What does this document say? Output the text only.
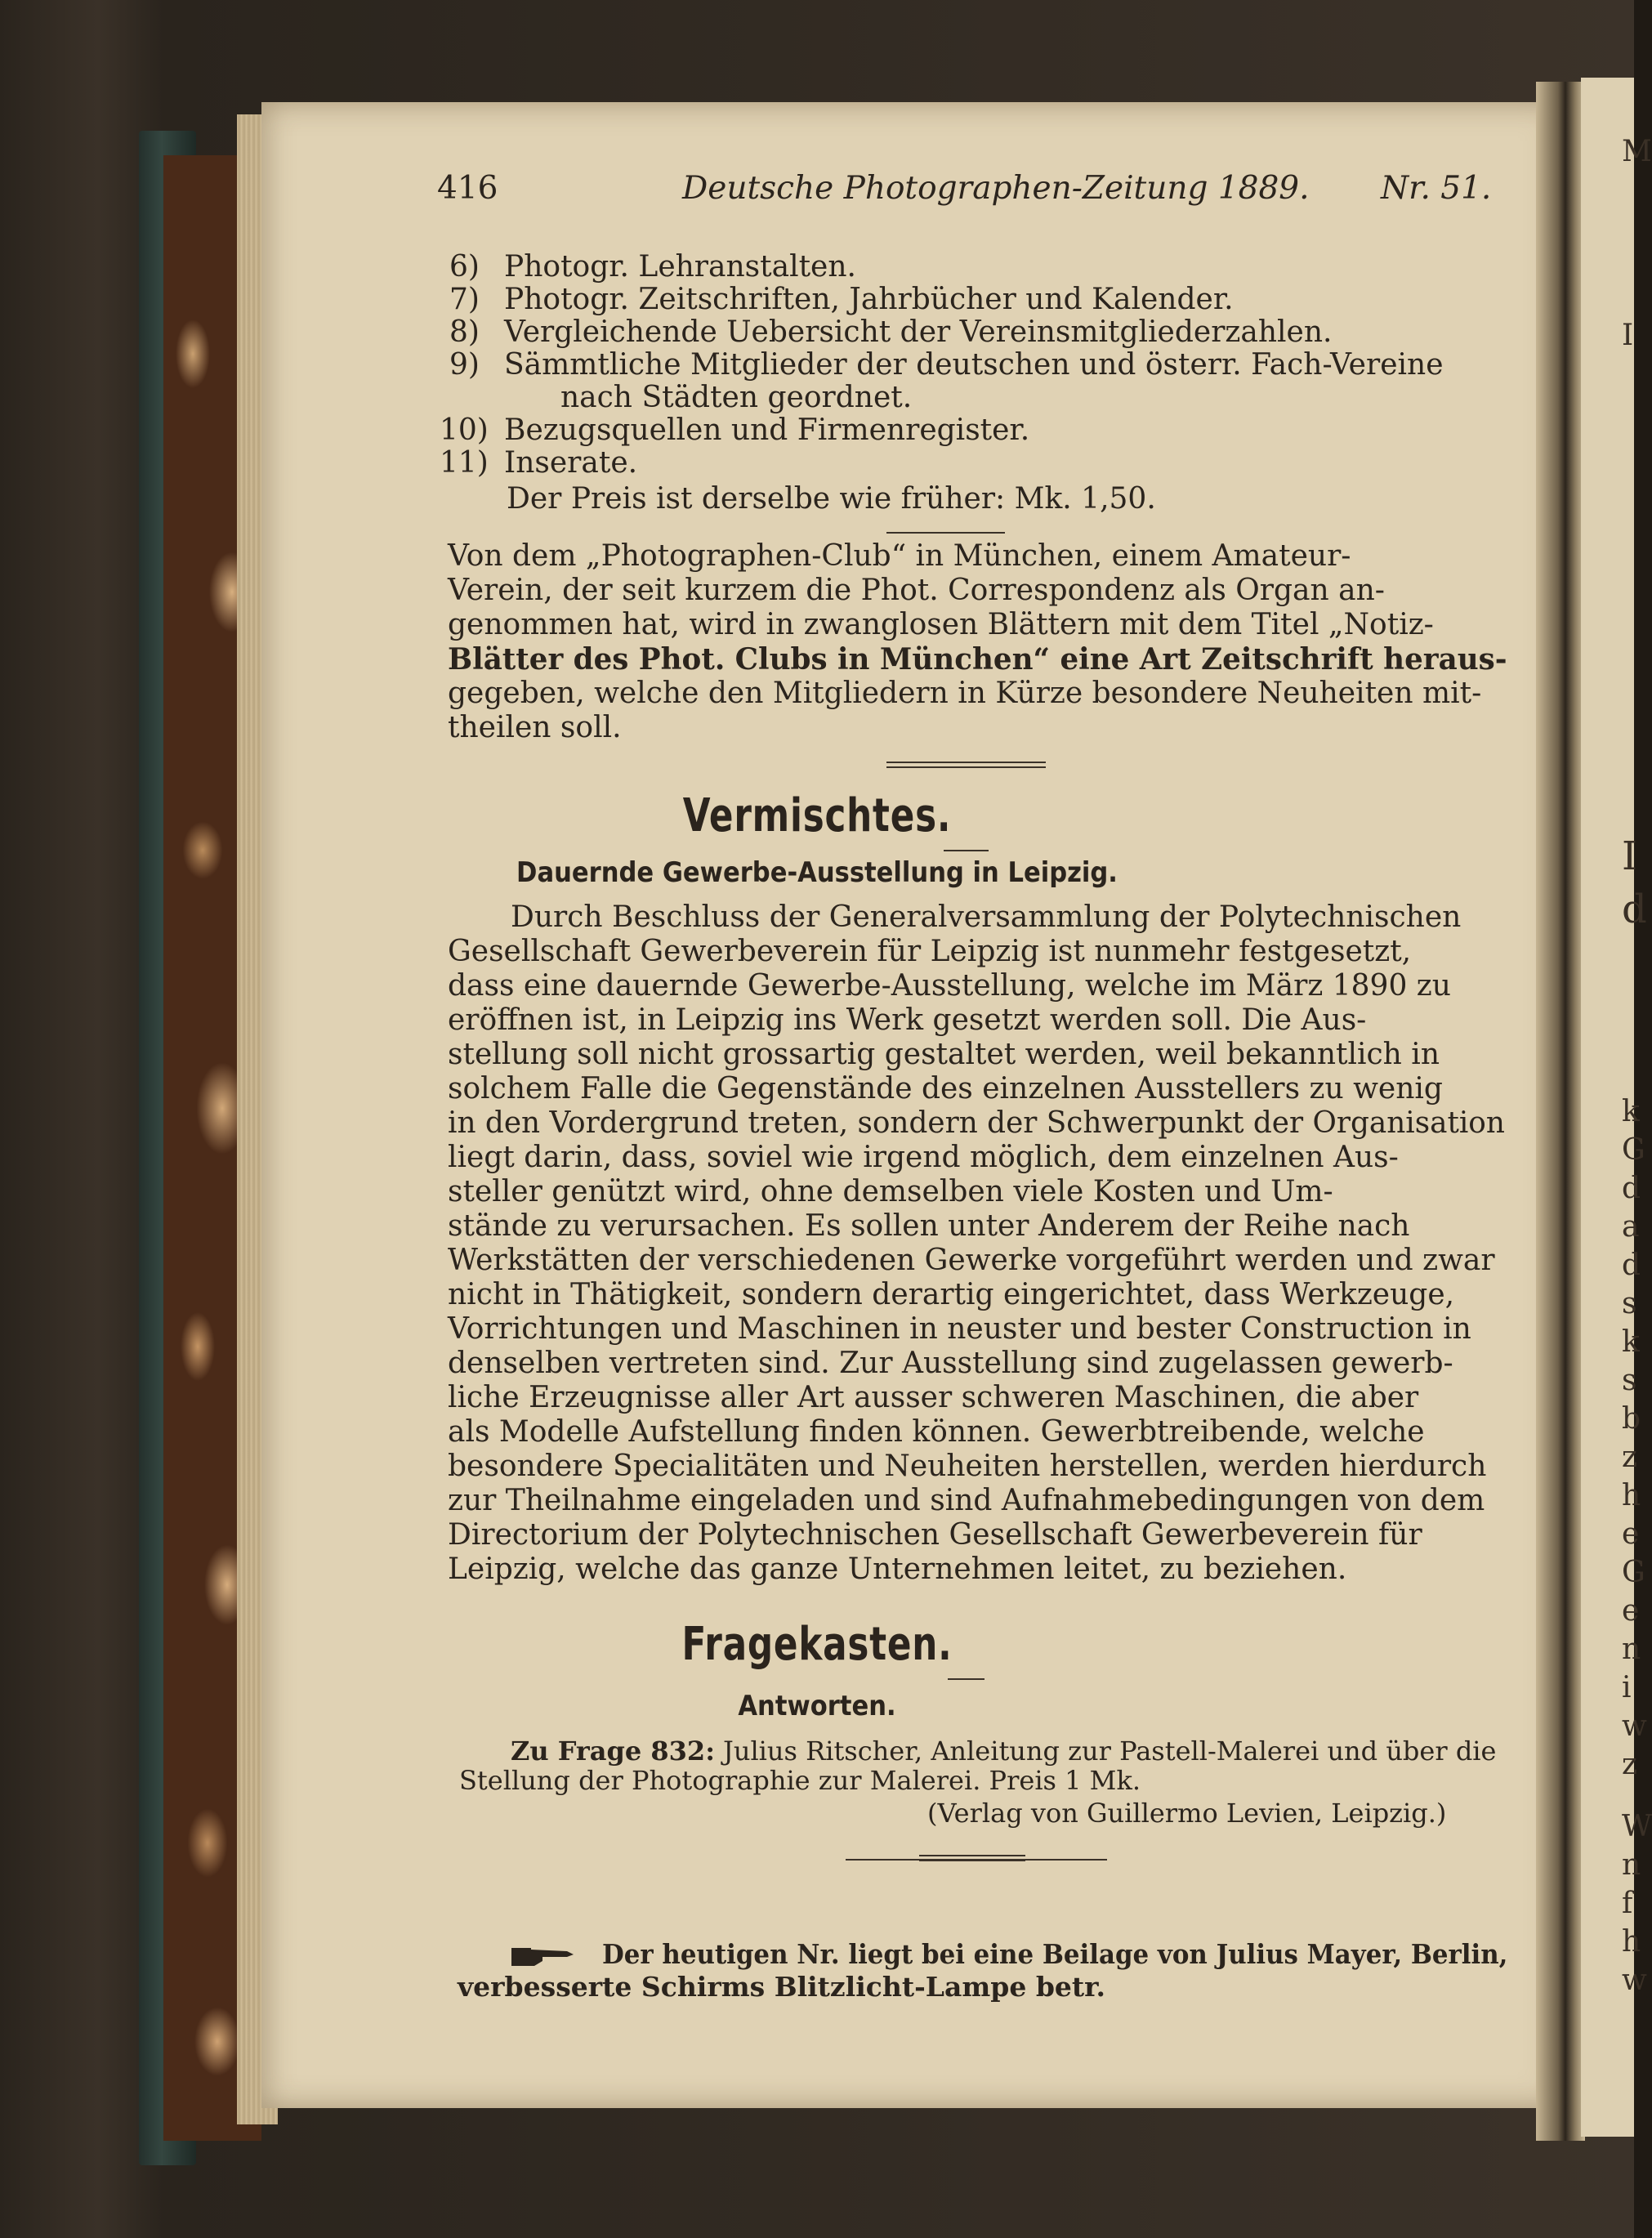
M
I
I
d
k
G
d
a
d
s
k
s
b
z
h
e
G
e
n
i
w
z
W
n
f
h
w

416	Deutsche Photographen-Zeitung 1889. Nr. 51.

6) Photogr. Lehranstalten.

7) Photogr. Zeitschriften, Jahrbücher und Kalender.

8) Vergleichende Uebersicht der Vereinsmitgliederzahlen.

9) Sämmtliche Mitglieder der deutschen und österr. Fach-Vereine

nach Städten geordnet.

10) Bezugsquellen und Firmenregister.

11) Inserate.

Der Preis ist derselbe wie früher: Mk. 1,50.

Von dem „Photographen-Club“ in München, einem Amateur-

Verein, der seit kurzem die Phot. Correspondenz als Organ an-

genommen hat, wird in zwanglosen Blättern mit dem Titel „Notiz-

Blätter des Phot. Clubs in München“ eine Art Zeitschrift heraus-

gegeben, welche den Mitgliedern in Kürze besondere Neuheiten mit-

theilen soll.

Vermischtes.

Dauernde Gewerbe-Ausstellung in Leipzig.

Durch Beschluss der Generalversammlung der Polytechnischen

Gesellschaft Gewerbeverein für Leipzig ist nunmehr festgesetzt,

dass eine dauernde Gewerbe-Ausstellung, welche im März 1890 zu

eröffnen ist, in Leipzig ins Werk gesetzt werden soll. Die Aus-

stellung soll nicht grossartig gestaltet werden, weil bekanntlich in

solchem Falle die Gegenstände des einzelnen Ausstellers zu wenig

in den Vordergrund treten, sondern der Schwerpunkt der Organisation

liegt darin, dass, soviel wie irgend möglich, dem einzelnen Aus-

steller genützt wird, ohne demselben viele Kosten und Um-

stände zu verursachen. Es sollen unter Anderem der Reihe nach

Werkstätten der verschiedenen Gewerke vorgeführt werden und zwar

nicht in Thätigkeit, sondern derartig eingerichtet, dass Werkzeuge,

Vorrichtungen und Maschinen in neuster und bester Construction in

denselben vertreten sind. Zur Ausstellung sind zugelassen gewerb-

liche Erzeugnisse aller Art ausser schweren Maschinen, die aber

als Modelle Aufstellung finden können. Gewerbtreibende, welche

besondere Specialitäten und Neuheiten herstellen, werden hierdurch

zur Theilnahme eingeladen und sind Aufnahmebedingungen von dem

Directorium der Polytechnischen Gesellschaft Gewerbeverein für

Leipzig, welche das ganze Unternehmen leitet, zu beziehen.

Fragekasten.

Antworten.

Zu Frage 832: Julius Ritscher, Anleitung zur Pastell-Malerei und über die

Stellung der Photographie zur Malerei. Preis 1 Mk.

(Verlag von Guillermo Levien, Leipzig.)

Der heutigen Nr. liegt bei eine Beilage von Julius Mayer, Berlin,

verbesserte Schirms Blitzlicht-Lampe betr.
